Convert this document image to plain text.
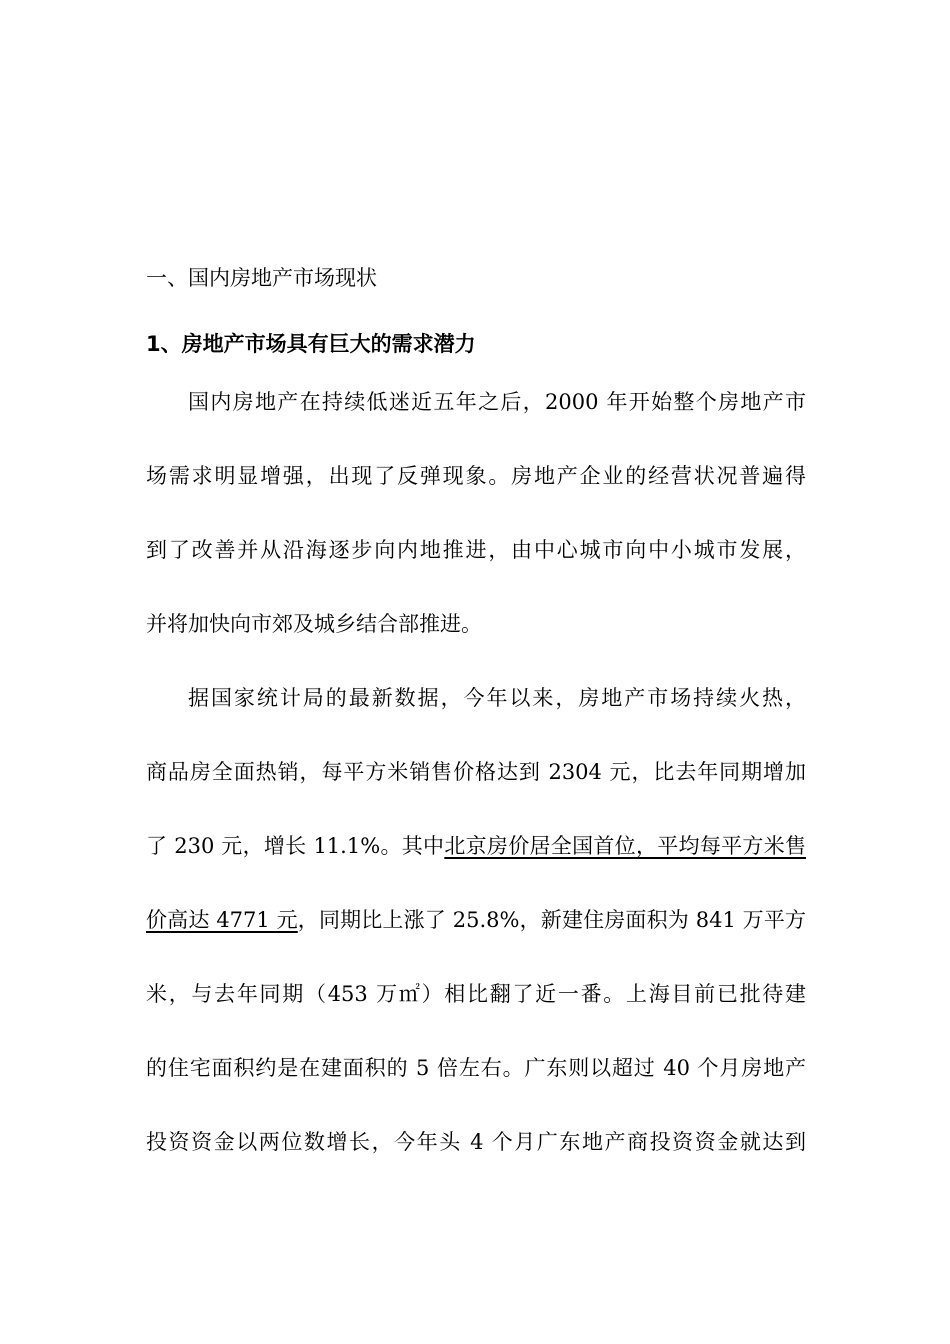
一、国内房地产市场现状
1、房地产市场具有巨大的需求潜力
国内房地产在持续低迷近五年之后，2000 年开始整个房地产市
场需求明显增强，出现了反弹现象。房地产企业的经营状况普遍得
到了改善并从沿海逐步向内地推进，由中心城市向中小城市发展，
并将加快向市郊及城乡结合部推进。
据国家统计局的最新数据，今年以来，房地产市场持续火热，
商品房全面热销，每平方米销售价格达到 2304 元，比去年同期增加
了 230 元，增长 11.1%。其中北京房价居全国首位，平均每平方米售
价高达 4771 元，同期比上涨了 25.8%，新建住房面积为 841 万平方
米，与去年同期（453 万㎡）相比翻了近一番。上海目前已批待建
的住宅面积约是在建面积的 5 倍左右。广东则以超过 40 个月房地产
投资资金以两位数增长，今年头 4 个月广东地产商投资资金就达到
